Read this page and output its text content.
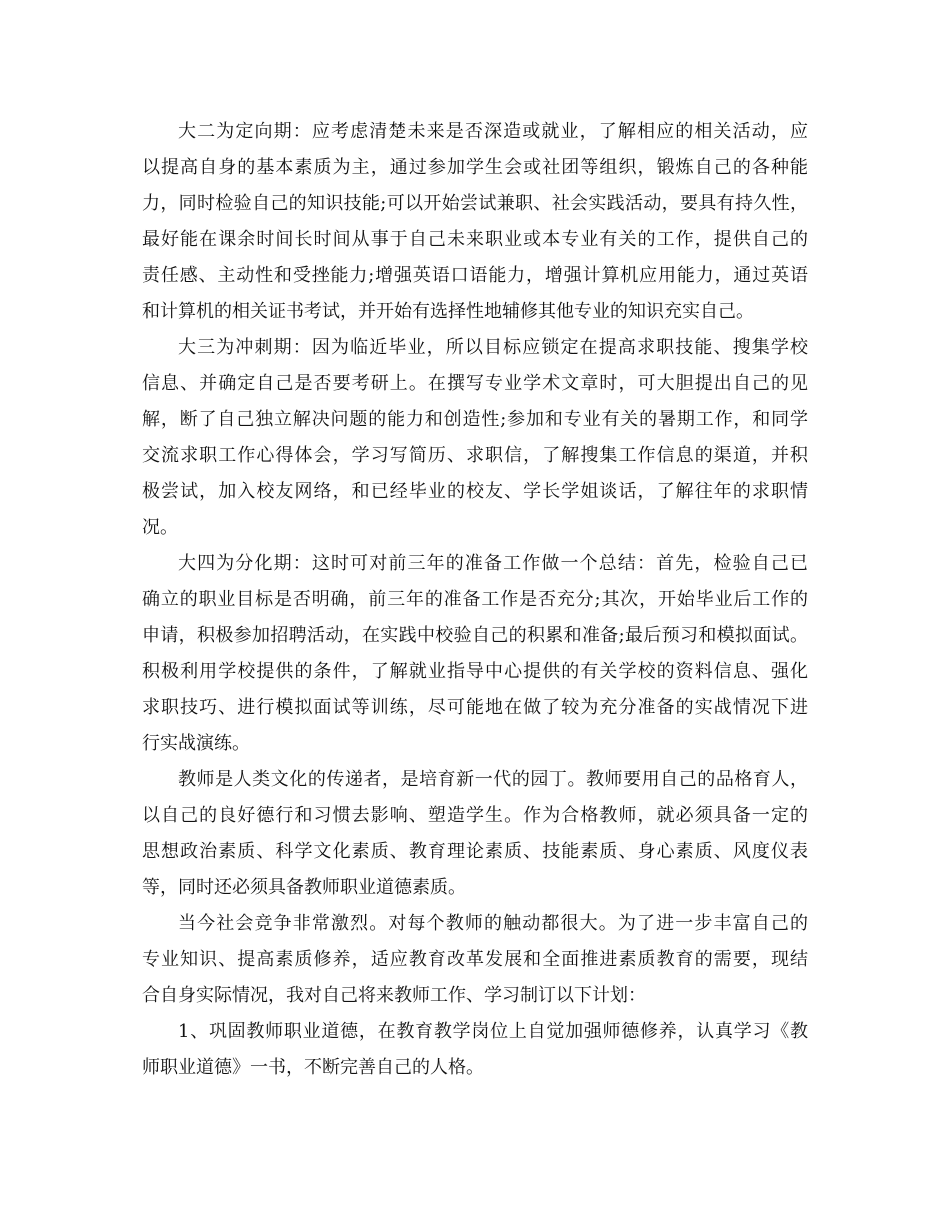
大二为定向期：应考虑清楚未来是否深造或就业，了解相应的相关活动，应
以提高自身的基本素质为主，通过参加学生会或社团等组织，锻炼自己的各种能
力，同时检验自己的知识技能;可以开始尝试兼职、社会实践活动，要具有持久性，
最好能在课余时间长时间从事于自己未来职业或本专业有关的工作，提供自己的
责任感、主动性和受挫能力;增强英语口语能力，增强计算机应用能力，通过英语
和计算机的相关证书考试，并开始有选择性地辅修其他专业的知识充实自己。
大三为冲刺期：因为临近毕业，所以目标应锁定在提高求职技能、搜集学校
信息、并确定自己是否要考研上。在撰写专业学术文章时，可大胆提出自己的见
解，断了自己独立解决问题的能力和创造性;参加和专业有关的暑期工作，和同学
交流求职工作心得体会，学习写简历、求职信，了解搜集工作信息的渠道，并积
极尝试，加入校友网络，和已经毕业的校友、学长学姐谈话，了解往年的求职情
况。
大四为分化期：这时可对前三年的准备工作做一个总结：首先，检验自己已
确立的职业目标是否明确，前三年的准备工作是否充分;其次，开始毕业后工作的
申请，积极参加招聘活动，在实践中校验自己的积累和准备;最后预习和模拟面试。
积极利用学校提供的条件，了解就业指导中心提供的有关学校的资料信息、强化
求职技巧、进行模拟面试等训练，尽可能地在做了较为充分准备的实战情况下进
行实战演练。
教师是人类文化的传递者，是培育新一代的园丁。教师要用自己的品格育人，
以自己的良好德行和习惯去影响、塑造学生。作为合格教师，就必须具备一定的
思想政治素质、科学文化素质、教育理论素质、技能素质、身心素质、风度仪表
等，同时还必须具备教师职业道德素质。
当今社会竞争非常激烈。对每个教师的触动都很大。为了进一步丰富自己的
专业知识、提高素质修养，适应教育改革发展和全面推进素质教育的需要，现结
合自身实际情况，我对自己将来教师工作、学习制订以下计划：
1、巩固教师职业道德，在教育教学岗位上自觉加强师德修养，认真学习《教
师职业道德》一书，不断完善自己的人格。
